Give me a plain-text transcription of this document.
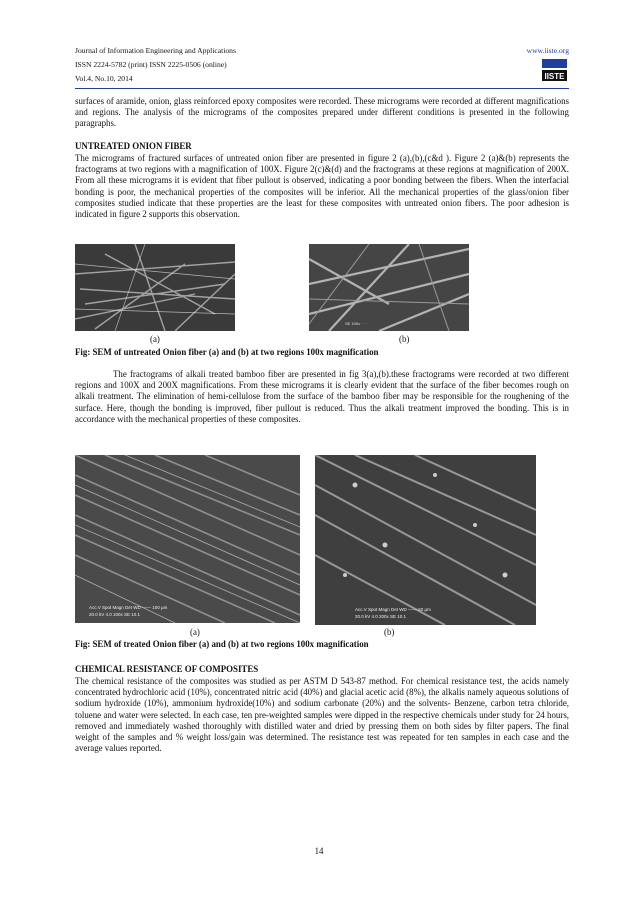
Journal of Information Engineering and Applications
ISSN 2224-5782 (print) ISSN 2225-0506 (online)
Vol.4, No.10, 2014
www.iiste.org
IISTE

surfaces of aramide, onion, glass reinforced epoxy composites were recorded. These micrograms were recorded at different magnifications and regions. The analysis of the micrograms of the composites prepared under different conditions is presented in the following paragraphs.

UNTREATED ONION FIBER

The micrograms of fractured surfaces of untreated onion fiber are presented in figure 2 (a),(b),(c&d ). Figure 2 (a)&(b) represents the fractograms at two regions with a magnification of 100X. Figure 2(c)&(d) and the fractograms at these regions at magnification of 200X. From all these micrograms it is evident that fiber pullout is observed, indicating a poor bonding between the fibers. When the interfacial bonding is poor, the mechanical properties of the composites will be inferior. All the mechanical properties of the glass/onion fiber composites studied indicate that these properties are the least for these composites with untreated onion fibers. The poor adhesion is indicated in figure 2 supports this observation.

SE 100x · · ·
(a)	(b)
Fig: SEM of untreated Onion fiber (a) and (b) at two regions 100x magnification

The fractograms of alkali treated bamboo fiber are presented in fig 3(a),(b).these fractograms were recorded at two different regions and 100X and 200X magnifications. From these micrograms it is clearly evident that the surface of the fiber becomes rough on alkali treatment. The elimination of hemi-cellulose from the surface of the bamboo fiber may be responsible for the roughening of the surface. Here, though the bonding is improved, fiber pullout is reduced. Thus the alkali treatment improved the bonding. This is in accordance with the mechanical properties of these composites.

Acc.V Spot Magn Det WD —— 100 μm
20.0 kV 4.0 100x SE 10.1
Acc.V Spot Magn Det WD —— 50 μm
20.0 kV 4.0 200x SE 10.1
(a)	(b)
Fig: SEM of treated Onion fiber (a) and (b) at two regions 100x magnification

CHEMICAL RESISTANCE OF COMPOSITES

The chemical resistance of the composites was studied as per ASTM D 543-87 method. For chemical resistance test, the acids namely concentrated hydrochloric acid (10%), concentrated nitric acid (40%) and glacial acetic acid (8%), the alkalis namely aqueous solutions of sodium hydroxide (10%), ammonium hydroxide(10%) and sodium carbonate (20%) and the solvents- Benzene, carbon tetra chloride, toluene and water were selected. In each case, ten pre-weighted samples were dipped in the respective chemicals under study for 24 hours, removed and immediately washed thoroughly with distilled water and dried by pressing them on both sides by filter papers. The final weight of the samples and % weight loss/gain was determined. The resistance test was repeated for ten samples in each case and the average values reported.

14
